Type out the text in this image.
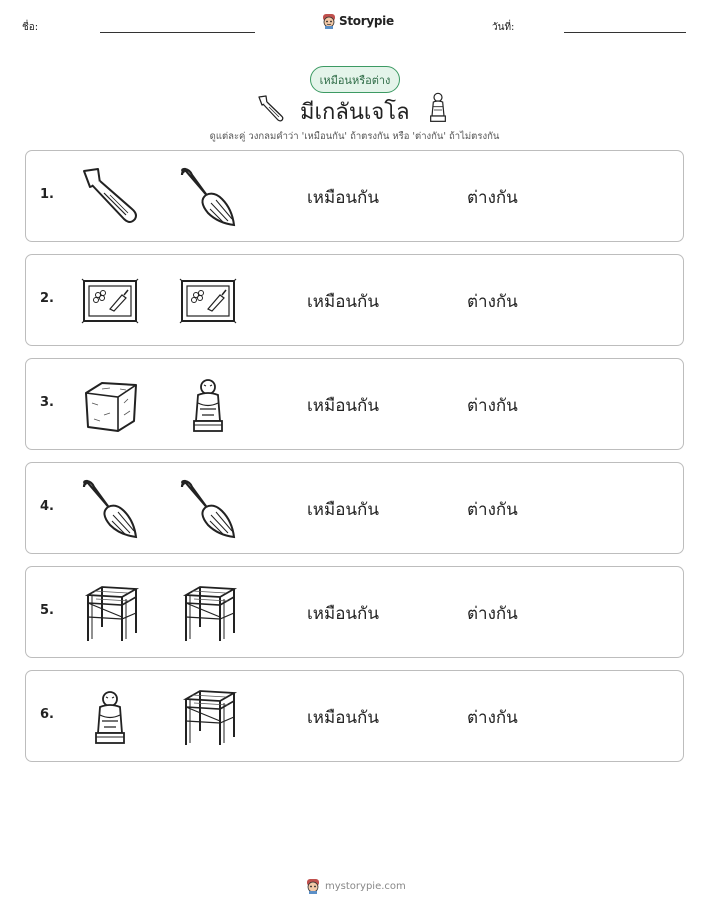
ชื่อ:	Storypie	วันที่:
เหมือนหรือต่าง
มีเกลันเจโล
ดูแต่ละคู่ วงกลมคำว่า 'เหมือนกัน' ถ้าตรงกัน หรือ 'ต่างกัน' ถ้าไม่ตรงกัน
1.	เหมือนกัน	ต่างกัน
2.	เหมือนกัน	ต่างกัน
3.	เหมือนกัน	ต่างกัน
4.	เหมือนกัน	ต่างกัน
5.	เหมือนกัน	ต่างกัน
6.	เหมือนกัน	ต่างกัน
mystorypie.com
